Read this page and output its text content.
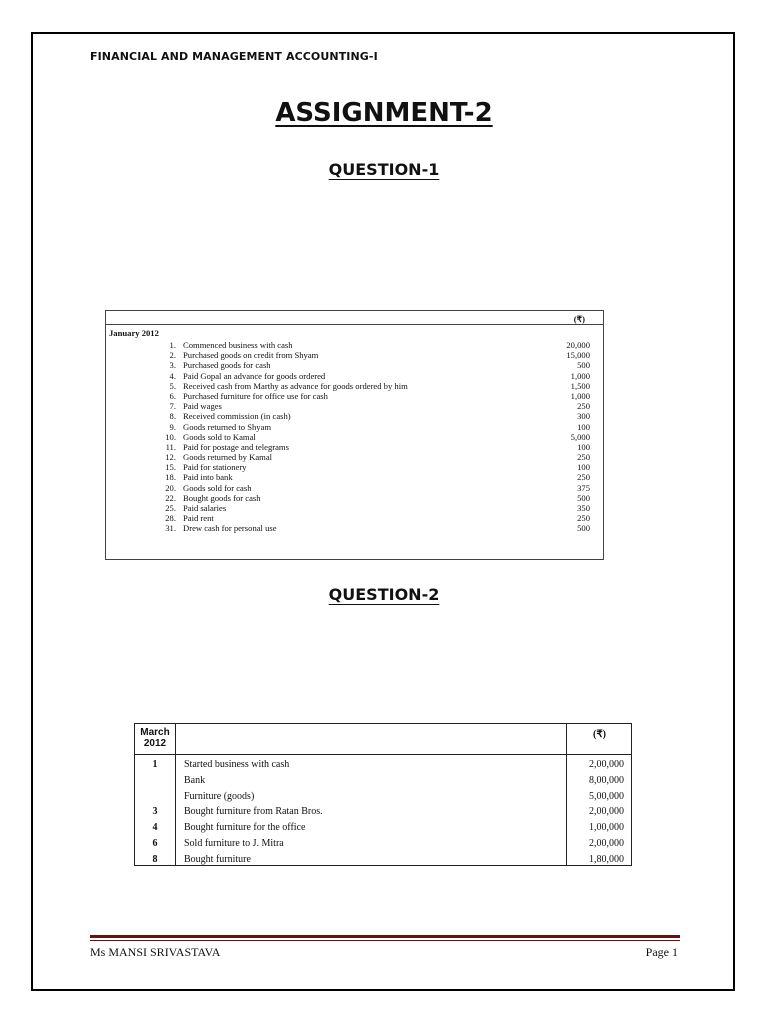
FINANCIAL AND MANAGEMENT ACCOUNTING-I
ASSIGNMENT-2
QUESTION-1
(₹)
January 2012
1. Commenced business with cash	20,000
2. Purchased goods on credit from Shyam	15,000
3. Purchased goods for cash	500
4. Paid Gopal an advance for goods ordered	1,000
5. Received cash from Marthy as advance for goods ordered by him	1,500
6. Purchased furniture for office use for cash	1,000
7. Paid wages	250
8. Received commission (in cash)	300
9. Goods returned to Shyam	100
10. Goods sold to Kamal	5,000
11. Paid for postage and telegrams	100
12. Goods returned by Kamal	250
15. Paid for stationery	100
18. Paid into bank	250
20. Goods sold for cash	375
22. Bought goods for cash	500
25. Paid salaries	350
28. Paid rent	250
31. Drew cash for personal use	500
QUESTION-2
March
2012
(₹)
1	Started business with cash	2,00,000
Bank	8,00,000
Furniture (goods)	5,00,000
3	Bought furniture from Ratan Bros.	2,00,000
4	Bought furniture for the office	1,00,000
6	Sold furniture to J. Mitra	2,00,000
8	Bought furniture	1,80,000
Ms MANSI SRIVASTAVA	Page 1
